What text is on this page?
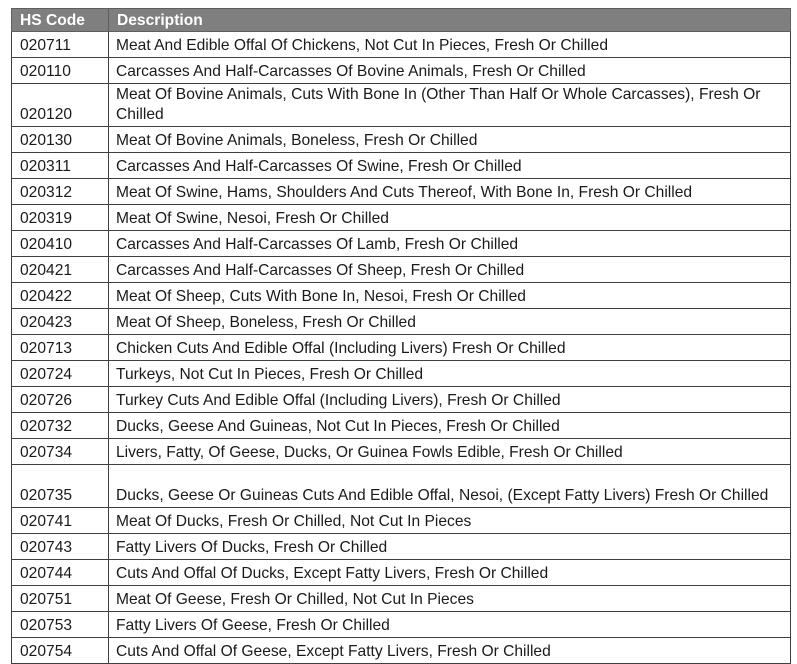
HS Code	Description
020711	Meat And Edible Offal Of Chickens, Not Cut In Pieces, Fresh Or Chilled
020110	Carcasses And Half-Carcasses Of Bovine Animals, Fresh Or Chilled
020120	Meat Of Bovine Animals, Cuts With Bone In (Other Than Half Or Whole Carcasses), Fresh Or Chilled
020130	Meat Of Bovine Animals, Boneless, Fresh Or Chilled
020311	Carcasses And Half-Carcasses Of Swine, Fresh Or Chilled
020312	Meat Of Swine, Hams, Shoulders And Cuts Thereof, With Bone In, Fresh Or Chilled
020319	Meat Of Swine, Nesoi, Fresh Or Chilled
020410	Carcasses And Half-Carcasses Of Lamb, Fresh Or Chilled
020421	Carcasses And Half-Carcasses Of Sheep, Fresh Or Chilled
020422	Meat Of Sheep, Cuts With Bone In, Nesoi, Fresh Or Chilled
020423	Meat Of Sheep, Boneless, Fresh Or Chilled
020713	Chicken Cuts And Edible Offal (Including Livers) Fresh Or Chilled
020724	Turkeys, Not Cut In Pieces, Fresh Or Chilled
020726	Turkey Cuts And Edible Offal (Including Livers), Fresh Or Chilled
020732	Ducks, Geese And Guineas, Not Cut In Pieces, Fresh Or Chilled
020734	Livers, Fatty, Of Geese, Ducks, Or Guinea Fowls Edible, Fresh Or Chilled
020735	Ducks, Geese Or Guineas Cuts And Edible Offal, Nesoi, (Except Fatty Livers) Fresh Or Chilled
020741	Meat Of Ducks, Fresh Or Chilled, Not Cut In Pieces
020743	Fatty Livers Of Ducks, Fresh Or Chilled
020744	Cuts And Offal Of Ducks, Except Fatty Livers, Fresh Or Chilled
020751	Meat Of Geese, Fresh Or Chilled, Not Cut In Pieces
020753	Fatty Livers Of Geese, Fresh Or Chilled
020754	Cuts And Offal Of Geese, Except Fatty Livers, Fresh Or Chilled
